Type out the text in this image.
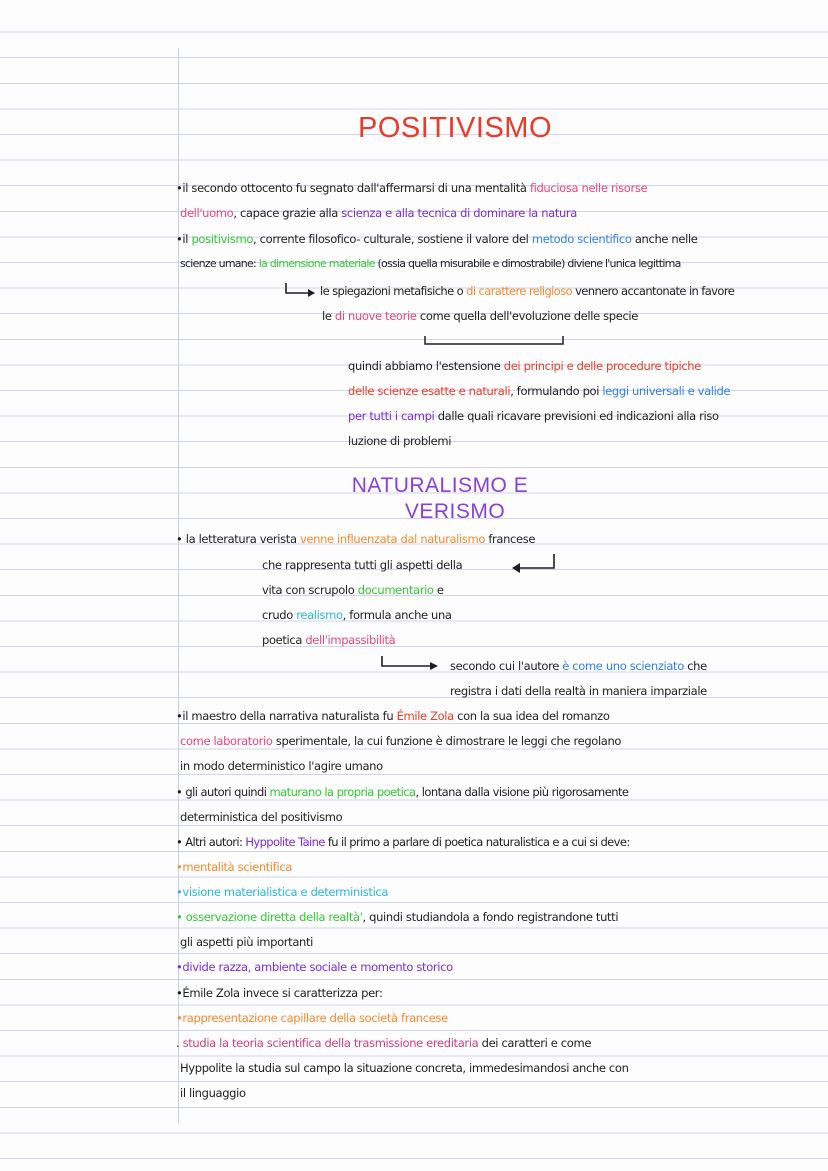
POSITIVISMO
•il secondo ottocento fu segnato dall'affermarsi di una mentalità fiduciosa nelle risorse
dell'uomo, capace grazie alla scienza e alla tecnica di dominare la natura
•il positivismo, corrente filosofico- culturale, sostiene il valore del metodo scientifico anche nelle
scienze umane: la dimensione materiale (ossia quella misurabile e dimostrabile) diviene l'unica legittima
le spiegazioni metafisiche o di carattere religioso vennero accantonate in favore
le di nuove teorie come quella dell'evoluzione delle specie
quindi abbiamo l'estensione dei principi e delle procedure tipiche
delle scienze esatte e naturali, formulando poi leggi universali e valide
per tutti i campi dalle quali ricavare previsioni ed indicazioni alla riso
luzione di problemi
NATURALISMO E
VERISMO
• la letteratura verista venne influenzata dal naturalismo francese
che rappresenta tutti gli aspetti della
vita con scrupolo documentario e
crudo realismo, formula anche una
poetica dell'impassibilità
secondo cui l'autore è come uno scienziato che
registra i dati della realtà in maniera imparziale
•il maestro della narrativa naturalista fu Émile Zola con la sua idea del romanzo
come laboratorio sperimentale, la cui funzione è dimostrare le leggi che regolano
in modo deterministico l'agire umano
• gli autori quindi maturano la propria poetica, lontana dalla visione più rigorosamente
deterministica del positivismo
• Altri autori: Hyppolite Taine fu il primo a parlare di poetica naturalistica e a cui si deve:
•mentalità scientifica
•visione materialistica e deterministica
• osservazione diretta della realtà', quindi studiandola a fondo registrandone tutti
gli aspetti più importanti
•divide razza, ambiente sociale e momento storico
•Émile Zola invece si caratterizza per:
•rappresentazione capillare della società francese
. studia la teoria scientifica della trasmissione ereditaria dei caratteri e come
Hyppolite la studia sul campo la situazione concreta, immedesimandosi anche con
il linguaggio
